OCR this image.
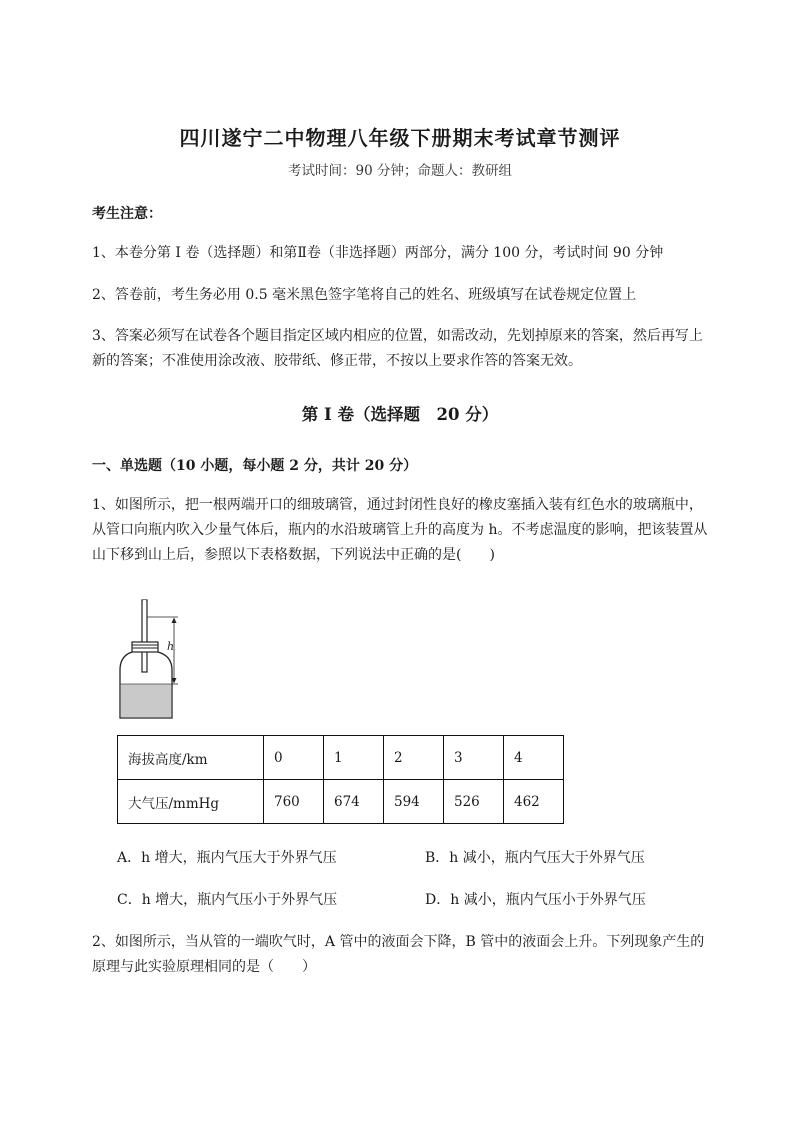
四川遂宁二中物理八年级下册期末考试章节测评
考试时间：90 分钟；命题人：教研组
考生注意：
1、本卷分第 I 卷（选择题）和第Ⅱ卷（非选择题）两部分，满分 100 分，考试时间 90 分钟
2、答卷前，考生务必用 0.5 毫米黑色签字笔将自己的姓名、班级填写在试卷规定位置上
3、答案必须写在试卷各个题目指定区域内相应的位置，如需改动，先划掉原来的答案，然后再写上新的答案；不准使用涂改液、胶带纸、修正带，不按以上要求作答的答案无效。
第 I 卷（选择题　20 分）
一、单选题（10 小题，每小题 2 分，共计 20 分）
1、如图所示，把一根两端开口的细玻璃管，通过封闭性良好的橡皮塞插入装有红色水的玻璃瓶中，从管口向瓶内吹入少量气体后，瓶内的水沿玻璃管上升的高度为 h。不考虑温度的影响，把该装置从山下移到山上后，参照以下表格数据，下列说法中正确的是(　　)
h
海拔高度/km	0	1	2	3	4
大气压/mmHg	760	674	594	526	462
A．h 增大，瓶内气压大于外界气压	B．h 减小，瓶内气压大于外界气压
C．h 增大，瓶内气压小于外界气压	D．h 减小，瓶内气压小于外界气压
2、如图所示，当从管的一端吹气时，A 管中的液面会下降，B 管中的液面会上升。下列现象产生的原理与此实验原理相同的是（　　）
